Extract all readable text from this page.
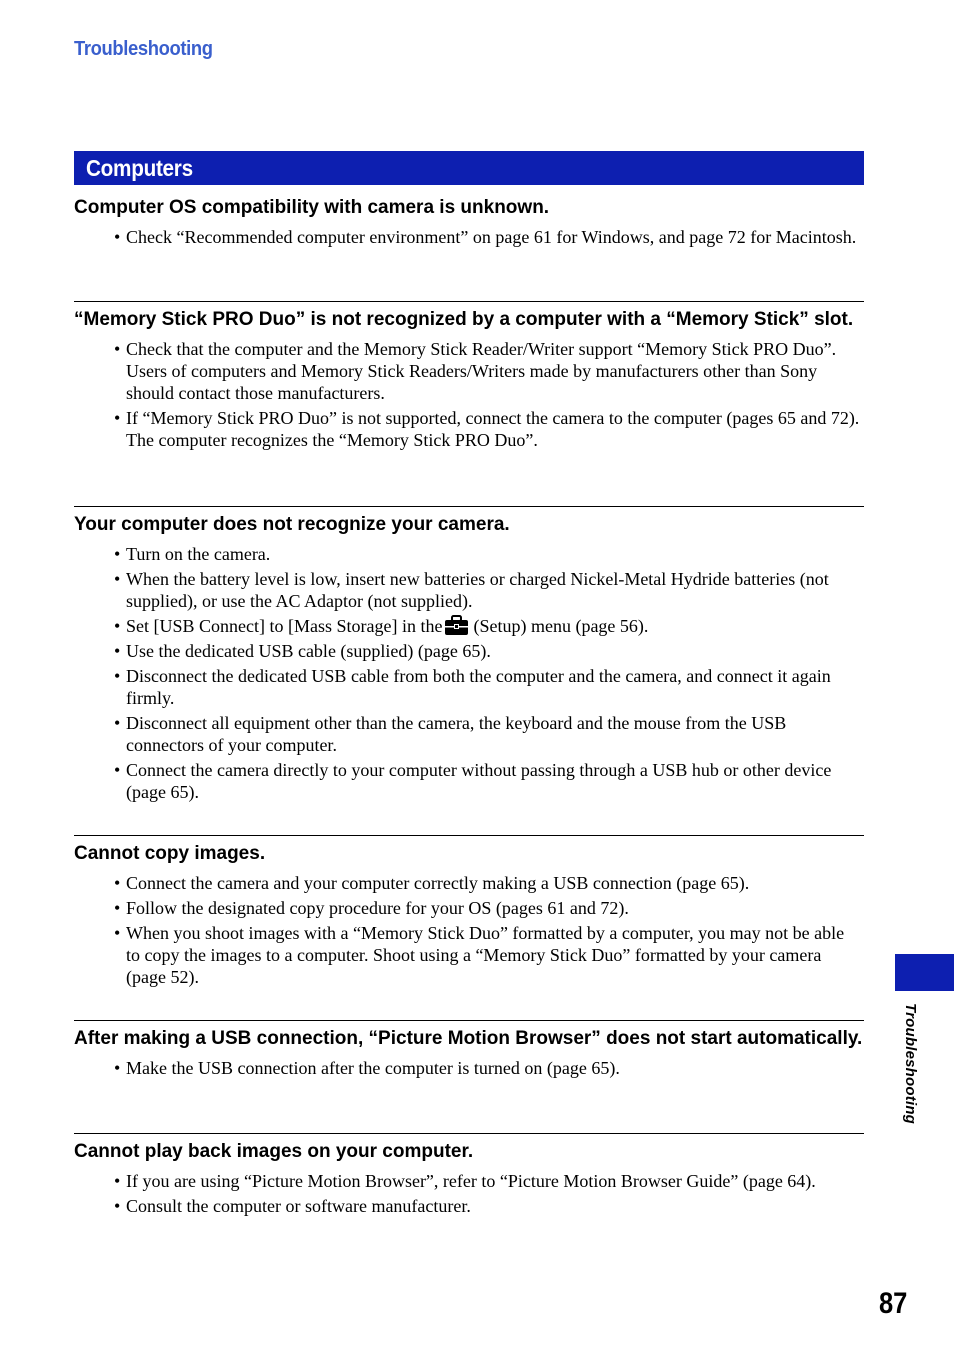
Troubleshooting
Computers

Computer OS compatibility with camera is unknown.

• Check “Recommended computer environment” on page 61 for Windows, and page 72 for Macintosh.

“Memory Stick PRO Duo” is not recognized by a computer with a “Memory Stick” slot.

• Check that the computer and the Memory Stick Reader/Writer support “Memory Stick PRO Duo”. Users of computers and Memory Stick Readers/Writers made by manufacturers other than Sony should contact those manufacturers.
• If “Memory Stick PRO Duo” is not supported, connect the camera to the computer (pages 65 and 72). The computer recognizes the “Memory Stick PRO Duo”.

Your computer does not recognize your camera.

• Turn on the camera.
• When the battery level is low, insert new batteries or charged Nickel-Metal Hydride batteries (not supplied), or use the AC Adaptor (not supplied).
• Set [USB Connect] to [Mass Storage] in the (Setup) menu (page 56).
• Use the dedicated USB cable (supplied) (page 65).
• Disconnect the dedicated USB cable from both the computer and the camera, and connect it again firmly.
• Disconnect all equipment other than the camera, the keyboard and the mouse from the USB connectors of your computer.
• Connect the camera directly to your computer without passing through a USB hub or other device (page 65).

Cannot copy images.

• Connect the camera and your computer correctly making a USB connection (page 65).
• Follow the designated copy procedure for your OS (pages 61 and 72).
• When you shoot images with a “Memory Stick Duo” formatted by a computer, you may not be able to copy the images to a computer. Shoot using a “Memory Stick Duo” formatted by your camera (page 52).

After making a USB connection, “Picture Motion Browser” does not start automatically.

• Make the USB connection after the computer is turned on (page 65).

Cannot play back images on your computer.

• If you are using “Picture Motion Browser”, refer to “Picture Motion Browser Guide” (page 64).
• Consult the computer or software manufacturer.
Troubleshooting
87
